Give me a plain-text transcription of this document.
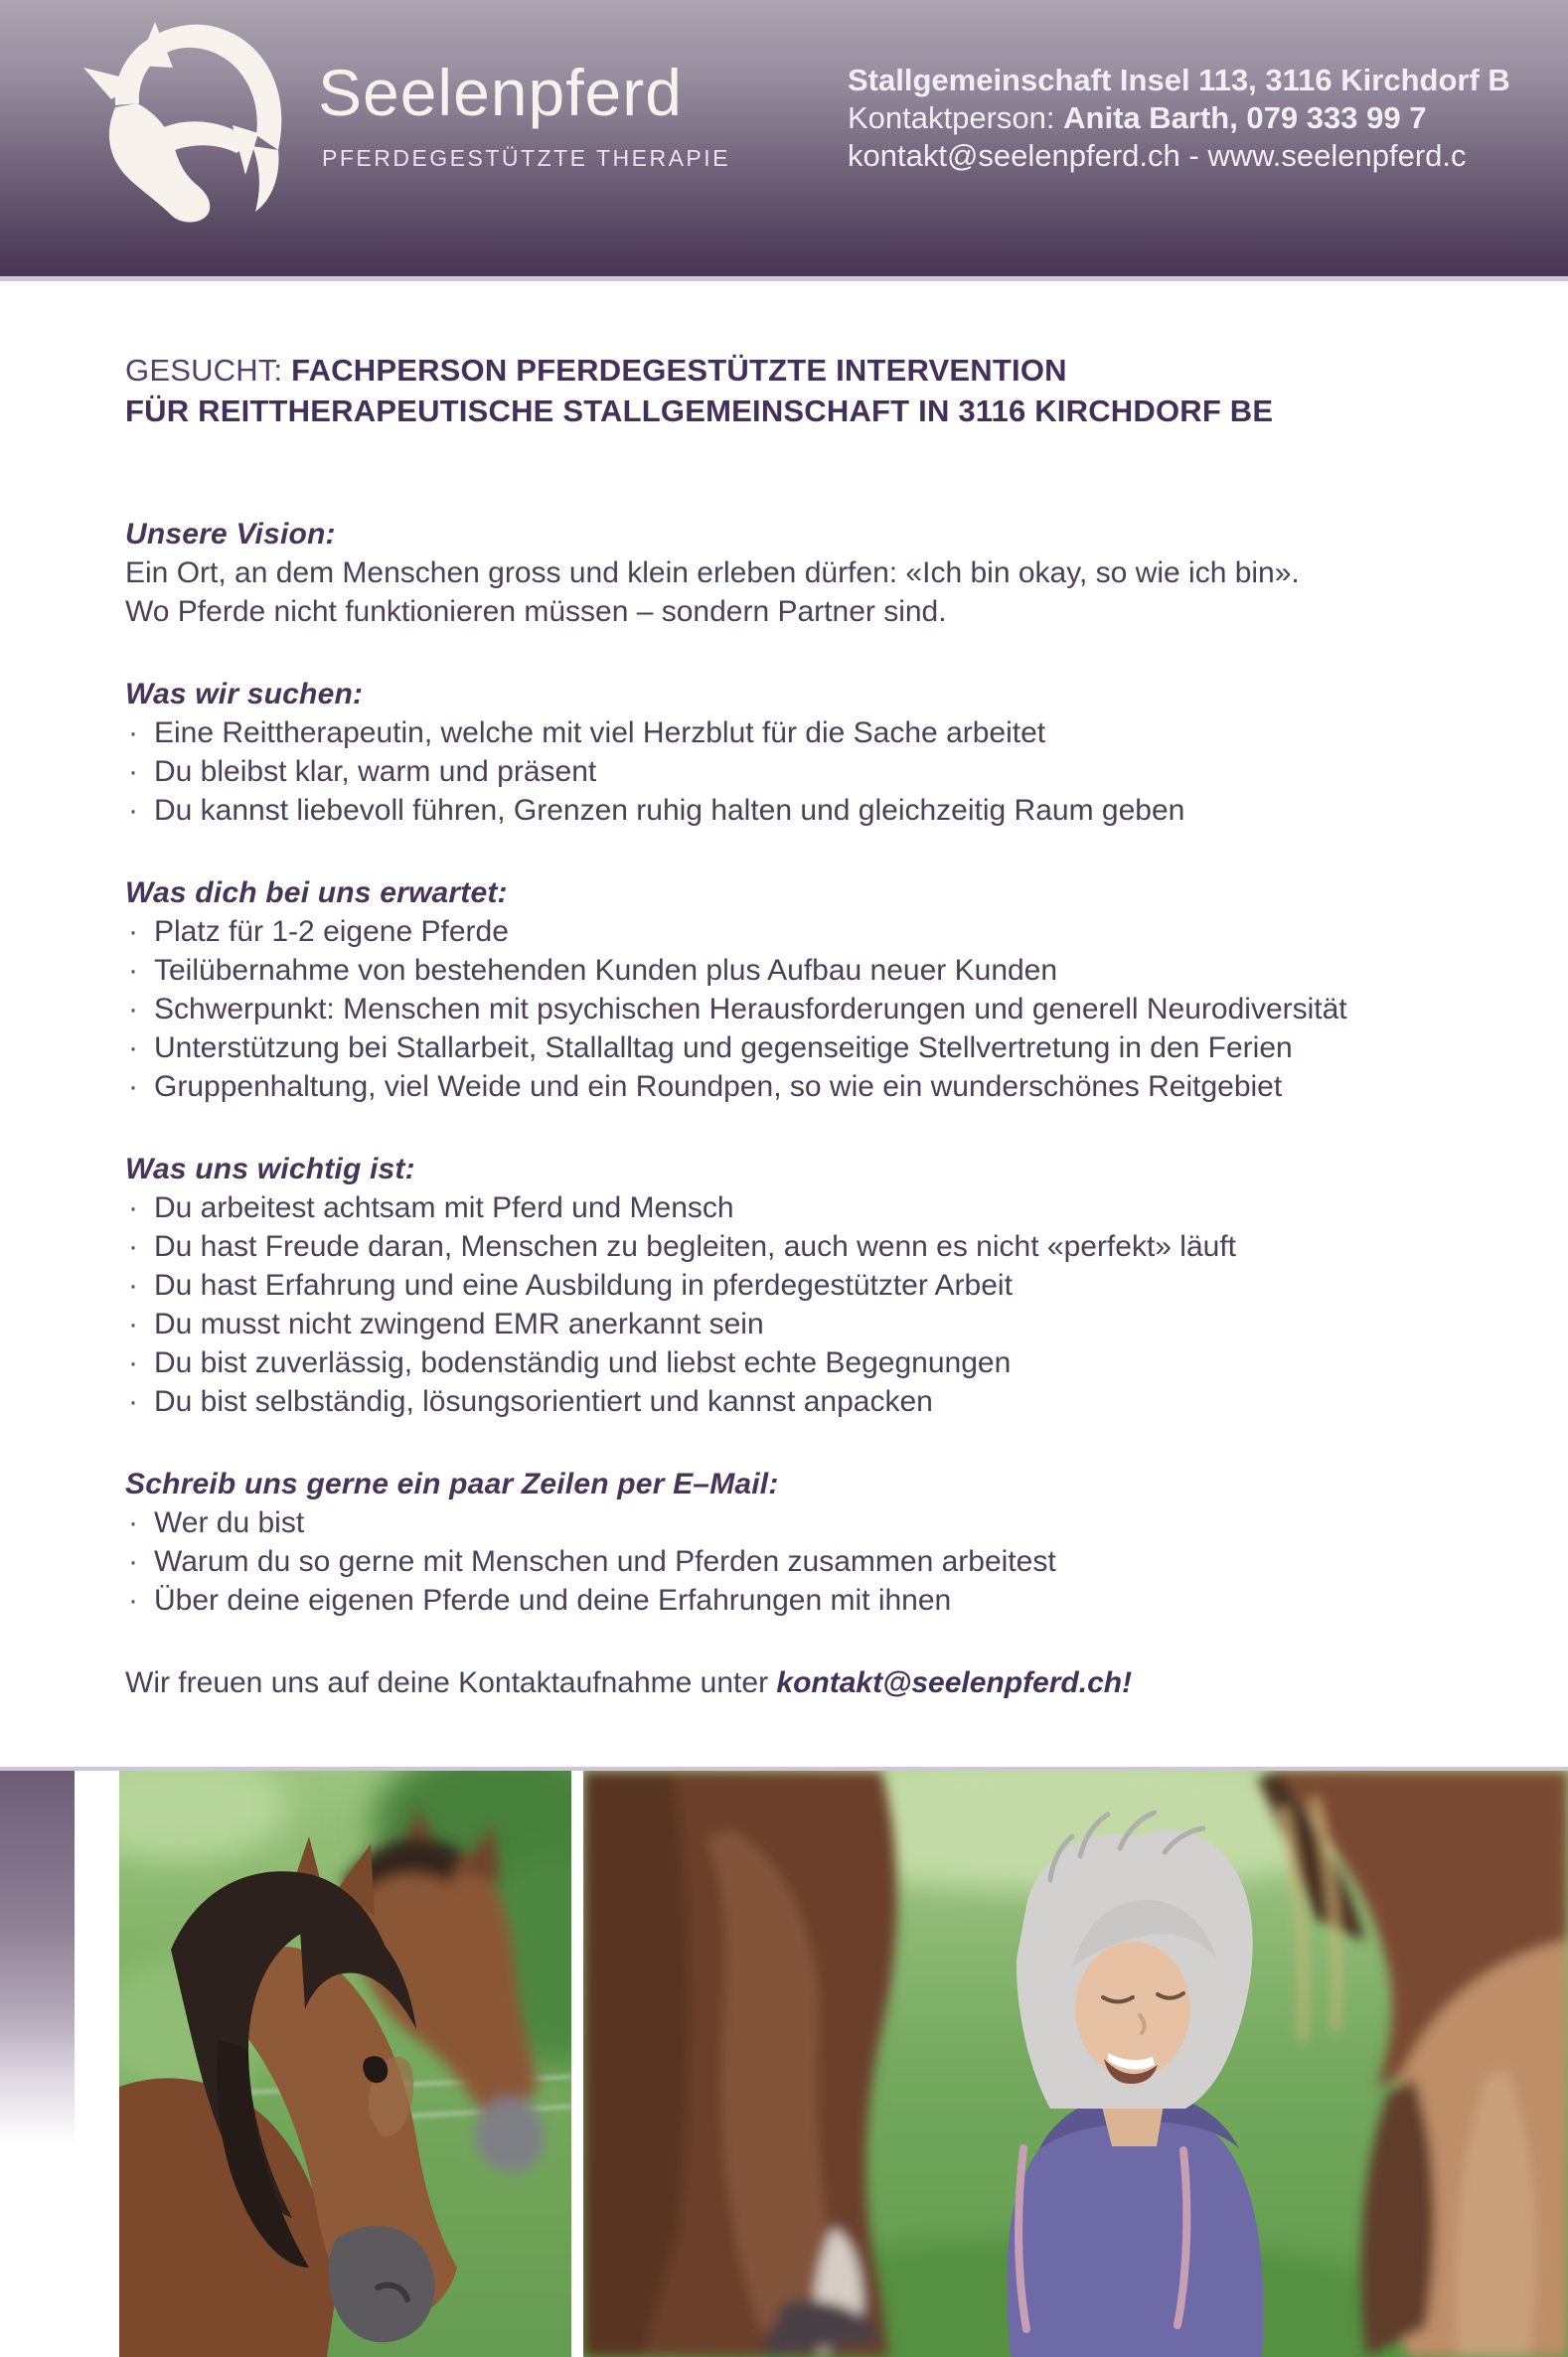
Seelenpferd
PFERDEGESTÜTZTE THERAPIE
Stallgemeinschaft Insel 113, 3116 Kirchdorf B
Kontaktperson: Anita Barth, 079 333 99 7
kontakt@seelenpferd.ch - www.seelenpferd.c
GESUCHT: FACHPERSON PFERDEGESTÜTZTE INTERVENTION
FÜR REITTHERAPEUTISCHE STALLGEMEINSCHAFT IN 3116 KIRCHDORF BE
Unsere Vision:

Ein Ort, an dem Menschen gross und klein erleben dürfen: «Ich bin okay, so wie ich bin».

Wo Pferde nicht funktionieren müssen – sondern Partner sind.

Was wir suchen:
· Eine Reittherapeutin, welche mit viel Herzblut für die Sache arbeitet
· Du bleibst klar, warm und präsent
· Du kannst liebevoll führen, Grenzen ruhig halten und gleichzeitig Raum geben
Was dich bei uns erwartet:
· Platz für 1-2 eigene Pferde
· Teilübernahme von bestehenden Kunden plus Aufbau neuer Kunden
· Schwerpunkt: Menschen mit psychischen Herausforderungen und generell Neurodiversität
· Unterstützung bei Stallarbeit, Stallalltag und gegenseitige Stellvertretung in den Ferien
· Gruppenhaltung, viel Weide und ein Roundpen, so wie ein wunderschönes Reitgebiet
Was uns wichtig ist:
· Du arbeitest achtsam mit Pferd und Mensch
· Du hast Freude daran, Menschen zu begleiten, auch wenn es nicht «perfekt» läuft
· Du hast Erfahrung und eine Ausbildung in pferdegestützter Arbeit
· Du musst nicht zwingend EMR anerkannt sein
· Du bist zuverlässig, bodenständig und liebst echte Begegnungen
· Du bist selbständig, lösungsorientiert und kannst anpacken
Schreib uns gerne ein paar Zeilen per E–Mail:
· Wer du bist
· Warum du so gerne mit Menschen und Pferden zusammen arbeitest
· Über deine eigenen Pferde und deine Erfahrungen mit ihnen

Wir freuen uns auf deine Kontaktaufnahme unter kontakt@seelenpferd.ch!
